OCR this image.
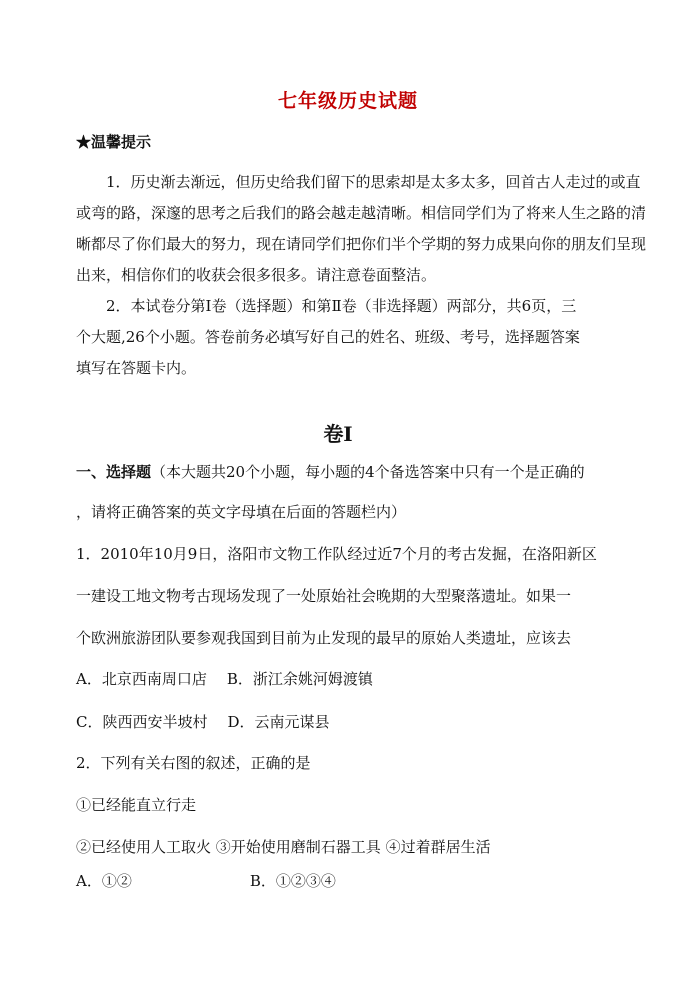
七年级历史试题
★温馨提示
　　1．历史渐去渐远，但历史给我们留下的思索却是太多太多，回首古人走过的或直
或弯的路，深邃的思考之后我们的路会越走越清晰。相信同学们为了将来人生之路的清
晰都尽了你们最大的努力，现在请同学们把你们半个学期的努力成果向你的朋友们呈现
出来，相信你们的收获会很多很多。请注意卷面整洁。
　　2．本试卷分第Ⅰ卷（选择题）和第Ⅱ卷（非选择题）两部分，共6页，三
个大题,26个小题。答卷前务必填写好自己的姓名、班级、考号，选择题答案
填写在答题卡内。
卷Ⅰ
一、选择题（本大题共20个小题，每小题的4个备选答案中只有一个是正确的
，请将正确答案的英文字母填在后面的答题栏内）
1．2010年10月9日，洛阳市文物工作队经过近7个月的考古发掘，在洛阳新区
一建设工地文物考古现场发现了一处原始社会晚期的大型聚落遗址。如果一
个欧洲旅游团队要参观我国到目前为止发现的最早的原始人类遗址，应该去
A．北京西南周口店 B．浙江余姚河姆渡镇
C．陕西西安半坡村 D．云南元谋县
2．下列有关右图的叙述，正确的是
①已经能直立行走
②已经使用人工取火 ③开始使用磨制石器工具 ④过着群居生活
A．①②	B．①②③④
